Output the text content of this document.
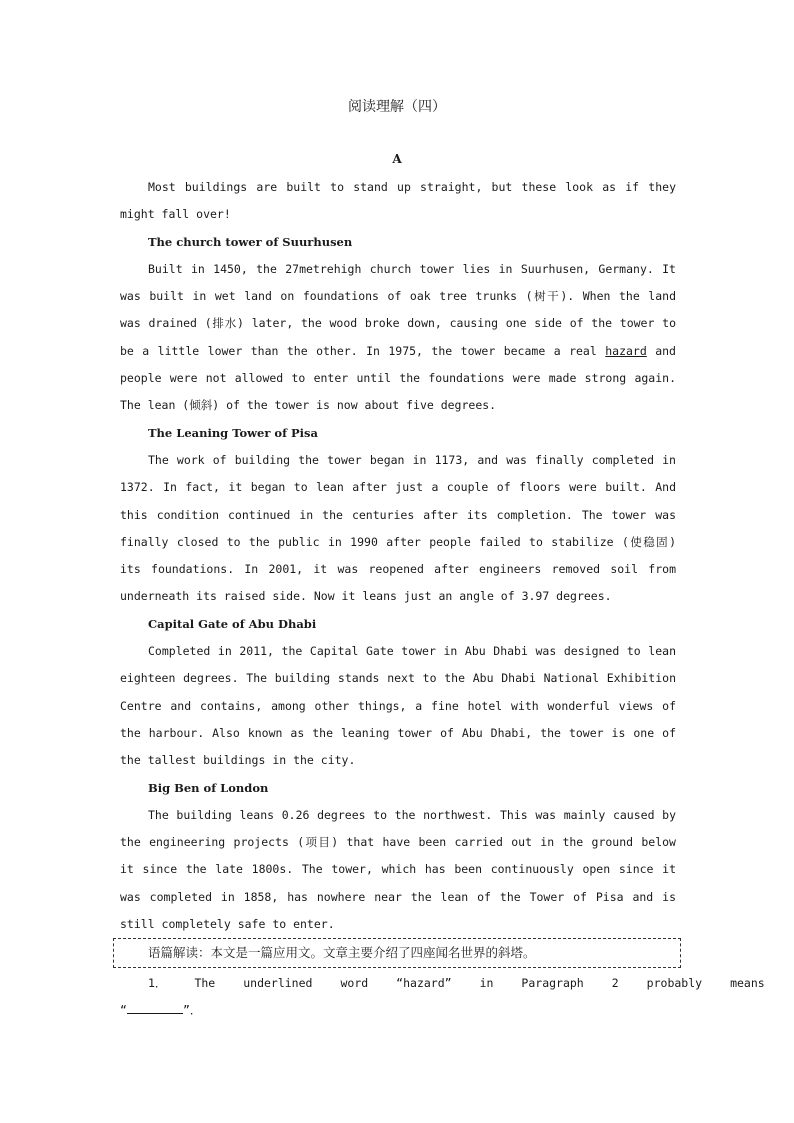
阅读理解（四）
A

Most buildings are built to stand up straight, but these look as if they might fall over!

The church tower of Suurhusen

Built in 1450, the 27metrehigh church tower lies in Suurhusen, Germany. It was built in wet land on foundations of oak tree trunks (树干). When the land was drained (排水) later, the wood broke down, causing one side of the tower to be a little lower than the other. In 1975, the tower became a real hazard and people were not allowed to enter until the foundations were made strong again. The lean (倾斜) of the tower is now about five degrees.

The Leaning Tower of Pisa

The work of building the tower began in 1173, and was finally completed in 1372. In fact, it began to lean after just a couple of floors were built. And this condition continued in the centuries after its completion. The tower was finally closed to the public in 1990 after people failed to stabilize (使稳固) its foundations. In 2001, it was reopened after engineers removed soil from underneath its raised side. Now it leans just an angle of 3.97 degrees.

Capital Gate of Abu Dhabi

Completed in 2011, the Capital Gate tower in Abu Dhabi was designed to lean eighteen degrees. The building stands next to the Abu Dhabi National Exhibition Centre and contains, among other things, a fine hotel with wonderful views of the harbour. Also known as the leaning tower of Abu Dhabi, the tower is one of the tallest buildings in the city.

Big Ben of London

The building leans 0.26 degrees to the northwest. This was mainly caused by the engineering projects (项目) that have been carried out in the ground below it since the late 1800s. The tower, which has been continuously open since it was completed in 1858, has nowhere near the lean of the Tower of Pisa and is still completely safe to enter.

语篇解读：本文是一篇应用文。文章主要介绍了四座闻名世界的斜塔。

1．	The	underlined	word	“hazard”	in	Paragraph	2	probably	means

“	”．
